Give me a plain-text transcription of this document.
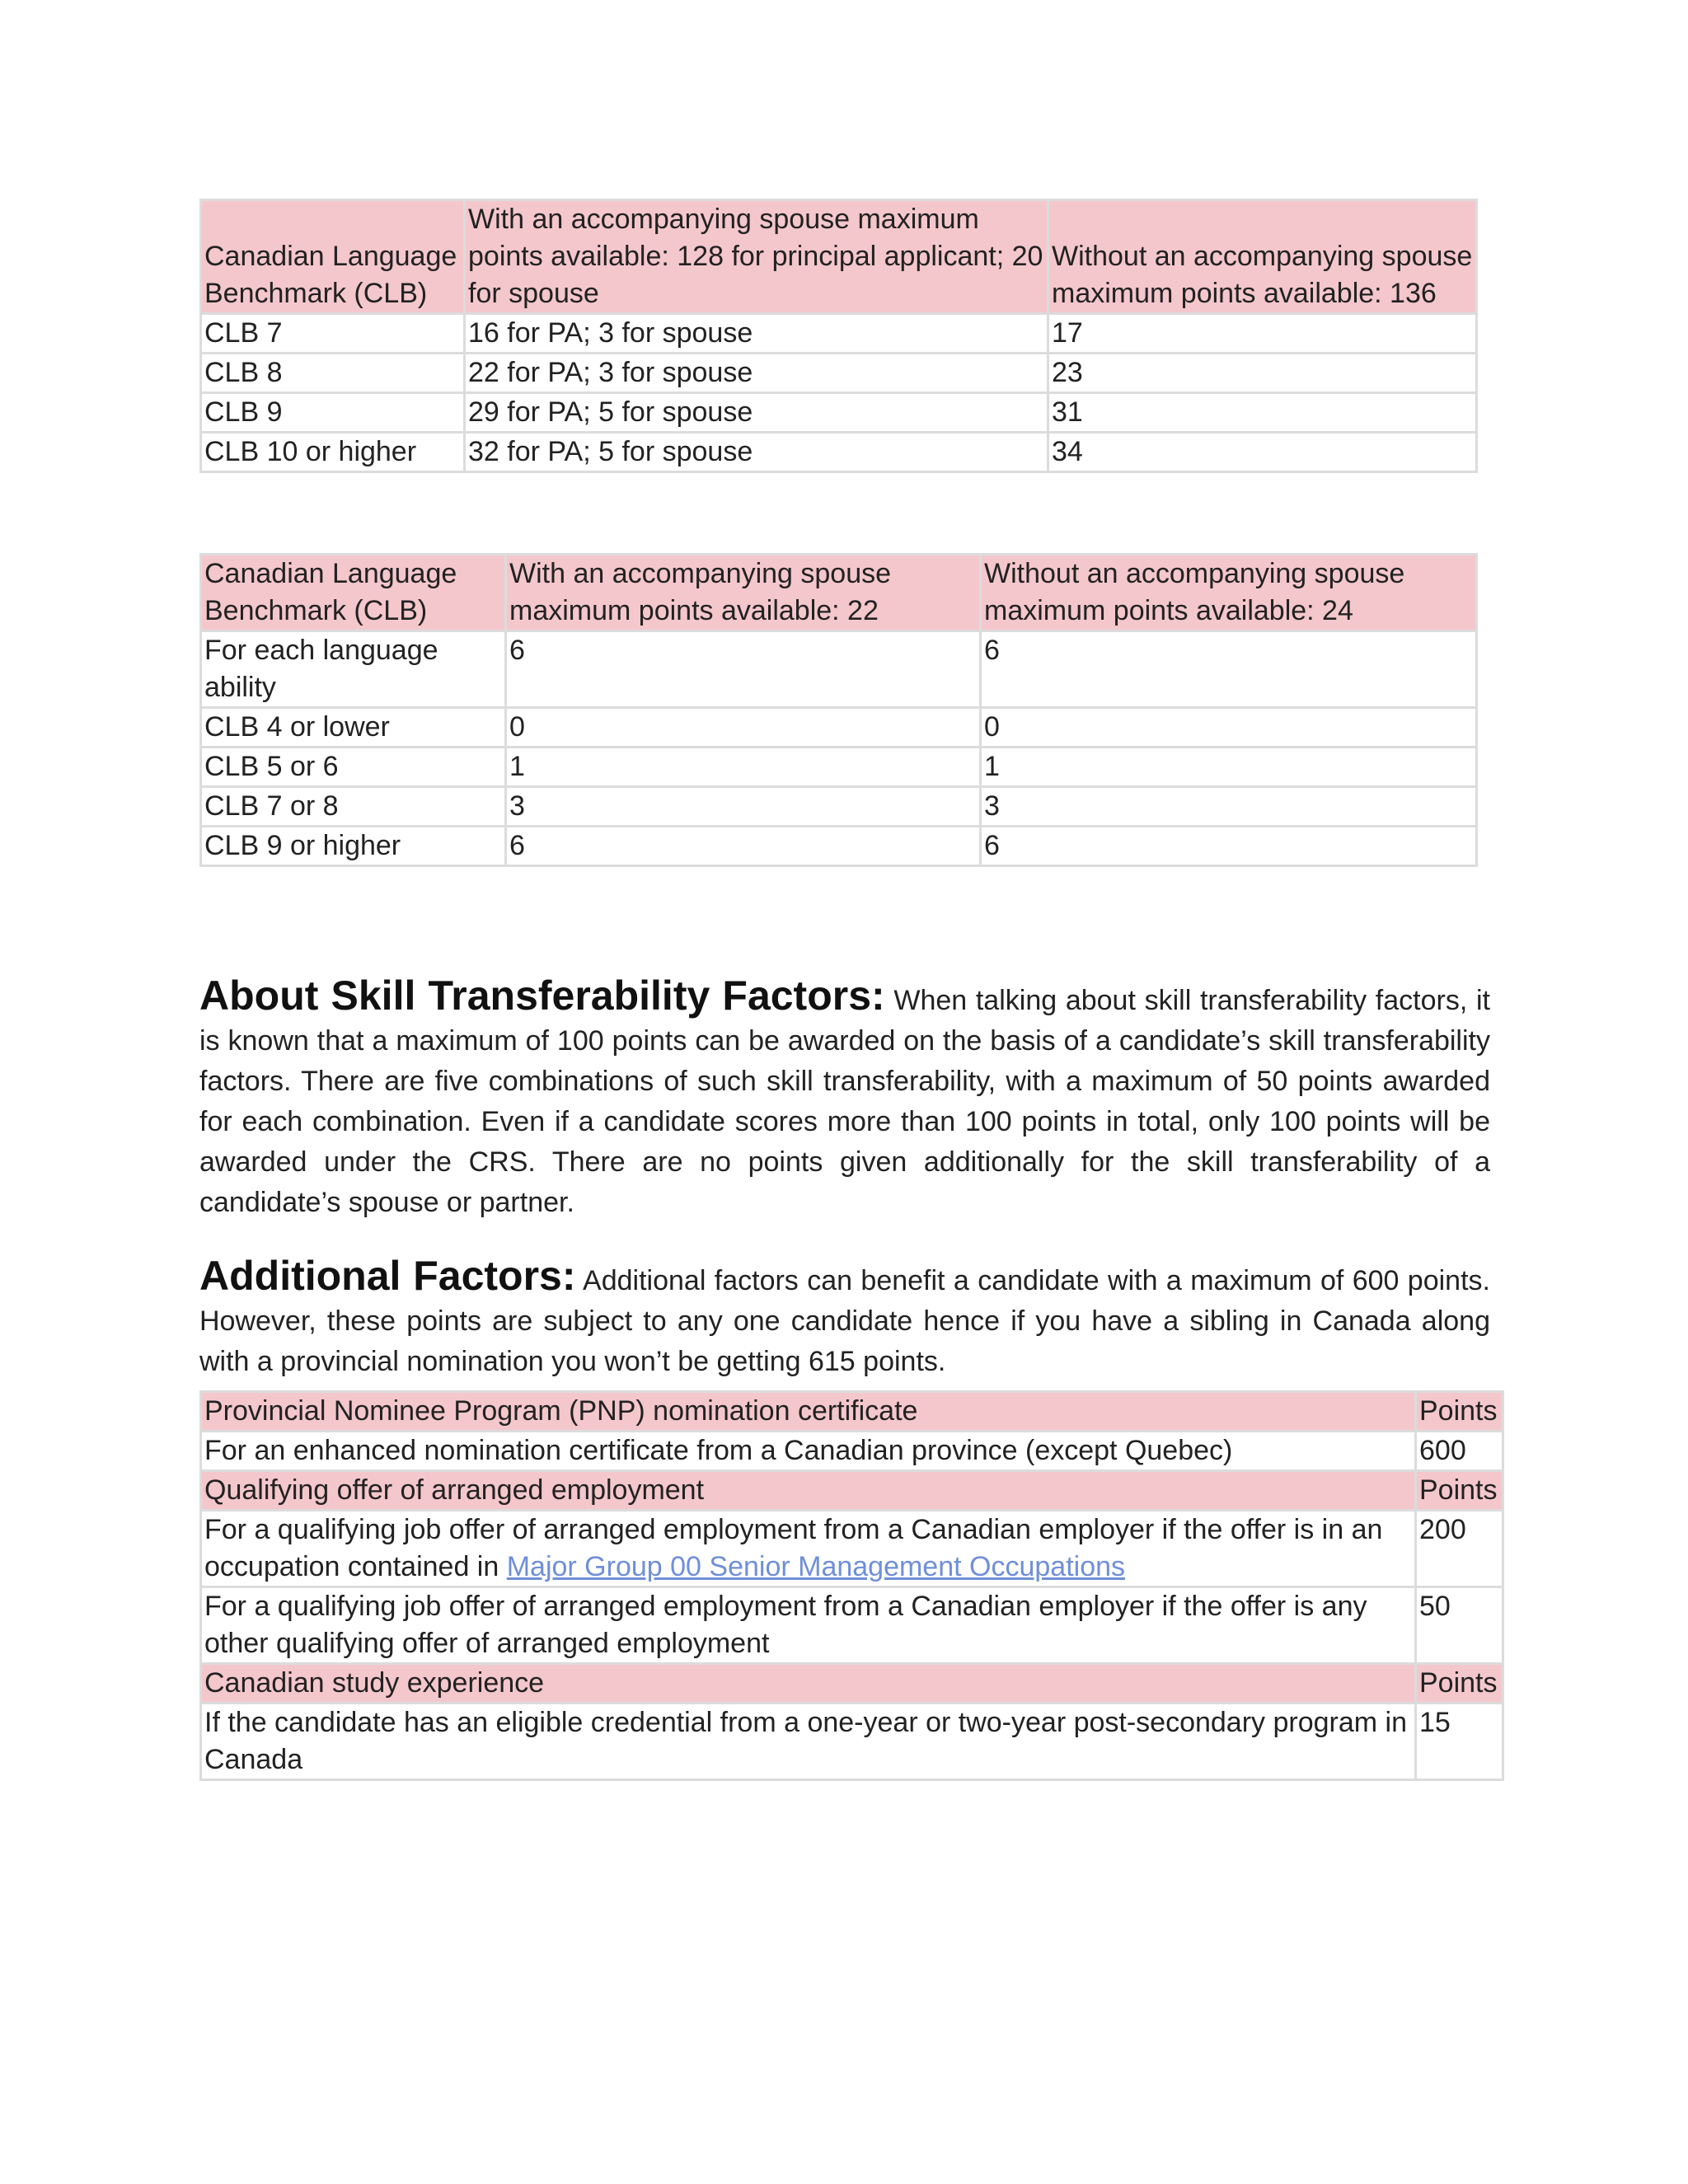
Canadian Language Benchmark (CLB)	With an accompanying spouse maximum points available: 128 for principal applicant; 20 for spouse	Without an accompanying spouse maximum points available: 136
CLB 7	16 for PA; 3 for spouse	17
CLB 8	22 for PA; 3 for spouse	23
CLB 9	29 for PA; 5 for spouse	31
CLB 10 or higher	32 for PA; 5 for spouse	34
Canadian Language Benchmark (CLB)	With an accompanying spouse maximum points available: 22	Without an accompanying spouse maximum points available: 24
For each language ability	6	6
CLB 4 or lower	0	0
CLB 5 or 6	1	1
CLB 7 or 8	3	3
CLB 9 or higher	6	6

About Skill Transferability Factors: When talking about skill transferability factors, it is known that a maximum of 100 points can be awarded on the basis of a candidate’s skill transferability factors. There are five combinations of such skill transferability, with a maximum of 50 points awarded for each combination. Even if a candidate scores more than 100 points in total, only 100 points will be awarded under the CRS. There are no points given additionally for the skill transferability of a candidate’s spouse or partner.

Additional Factors: Additional factors can benefit a candidate with a maximum of 600 points. However, these points are subject to any one candidate hence if you have a sibling in Canada along with a provincial nomination you won’t be getting 615 points.

Provincial Nominee Program (PNP) nomination certificate	Points
For an enhanced nomination certificate from a Canadian province (except Quebec)	600
Qualifying offer of arranged employment	Points
For a qualifying job offer of arranged employment from a Canadian employer if the offer is in an occupation contained in Major Group 00 Senior Management Occupations	200
For a qualifying job offer of arranged employment from a Canadian employer if the offer is any other qualifying offer of arranged employment	50
Canadian study experience	Points
If the candidate has an eligible credential from a one-year or two-year post-secondary program in Canada	15
